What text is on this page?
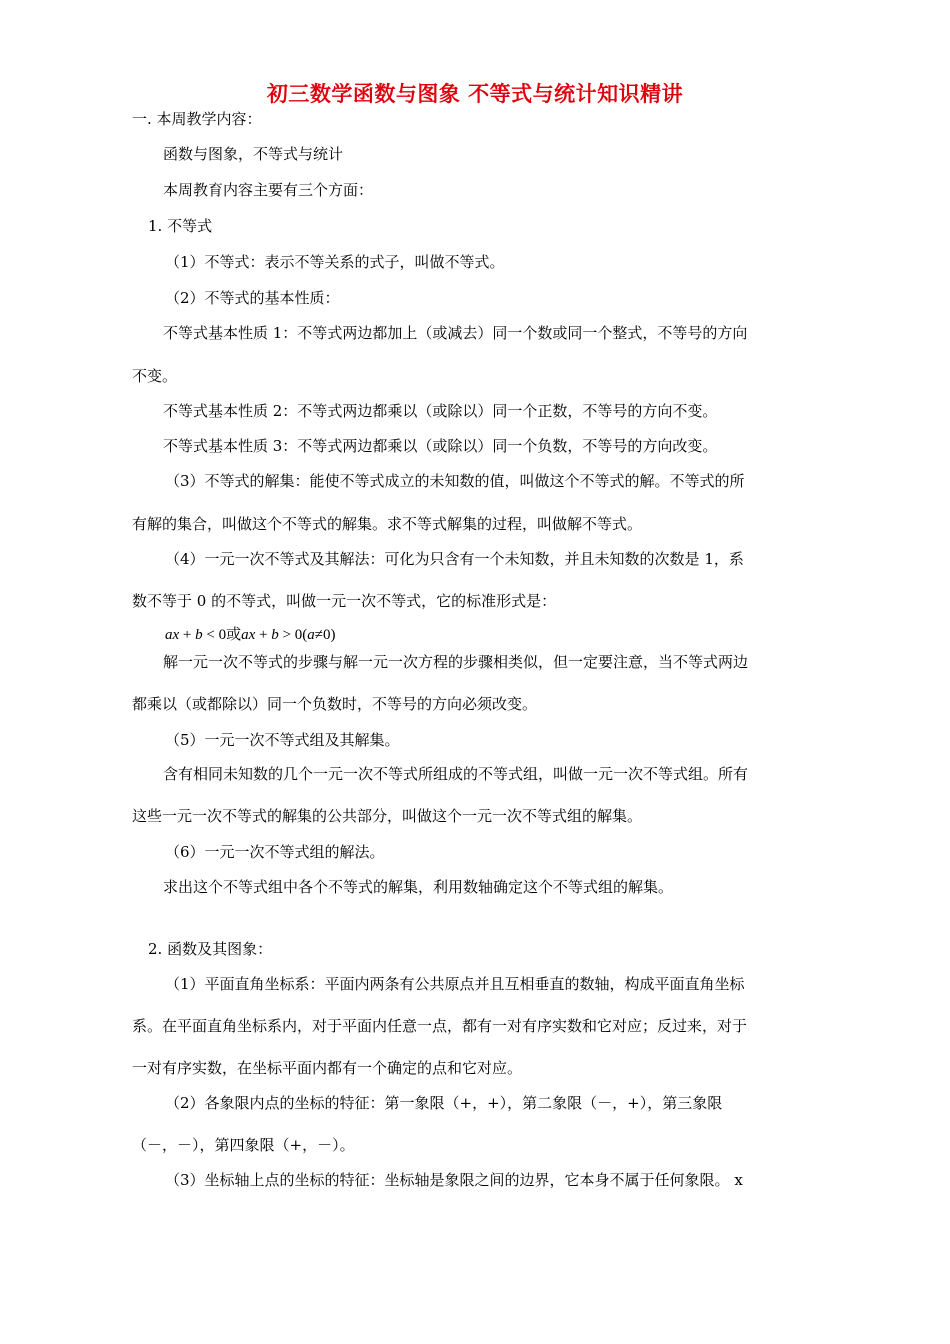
初三数学函数与图象 不等式与统计知识精讲
一. 本周教学内容：
函数与图象，不等式与统计
本周教育内容主要有三个方面：
1. 不等式
（1）不等式：表示不等关系的式子，叫做不等式。
（2）不等式的基本性质：
不等式基本性质 1：不等式两边都加上（或减去）同一个数或同一个整式，不等号的方向
不变。
不等式基本性质 2：不等式两边都乘以（或除以）同一个正数，不等号的方向不变。
不等式基本性质 3：不等式两边都乘以（或除以）同一个负数，不等号的方向改变。
（3）不等式的解集：能使不等式成立的未知数的值，叫做这个不等式的解。不等式的所
有解的集合，叫做这个不等式的解集。求不等式解集的过程，叫做解不等式。
（4）一元一次不等式及其解法：可化为只含有一个未知数，并且未知数的次数是 1，系
数不等于 0 的不等式，叫做一元一次不等式，它的标准形式是：
ax + b < 0或ax + b > 0(a≠0)
解一元一次不等式的步骤与解一元一次方程的步骤相类似，但一定要注意，当不等式两边
都乘以（或都除以）同一个负数时，不等号的方向必须改变。
（5）一元一次不等式组及其解集。
含有相同未知数的几个一元一次不等式所组成的不等式组，叫做一元一次不等式组。所有
这些一元一次不等式的解集的公共部分，叫做这个一元一次不等式组的解集。
（6）一元一次不等式组的解法。
求出这个不等式组中各个不等式的解集，利用数轴确定这个不等式组的解集。
2. 函数及其图象：
（1）平面直角坐标系：平面内两条有公共原点并且互相垂直的数轴，构成平面直角坐标
系。在平面直角坐标系内，对于平面内任意一点，都有一对有序实数和它对应；反过来，对于
一对有序实数，在坐标平面内都有一个确定的点和它对应。
（2）各象限内点的坐标的特征：第一象限（+，+），第二象限（－，+），第三象限
（－，－），第四象限（+，－）。
（3）坐标轴上点的坐标的特征：坐标轴是象限之间的边界，它本身不属于任何象限。 x
